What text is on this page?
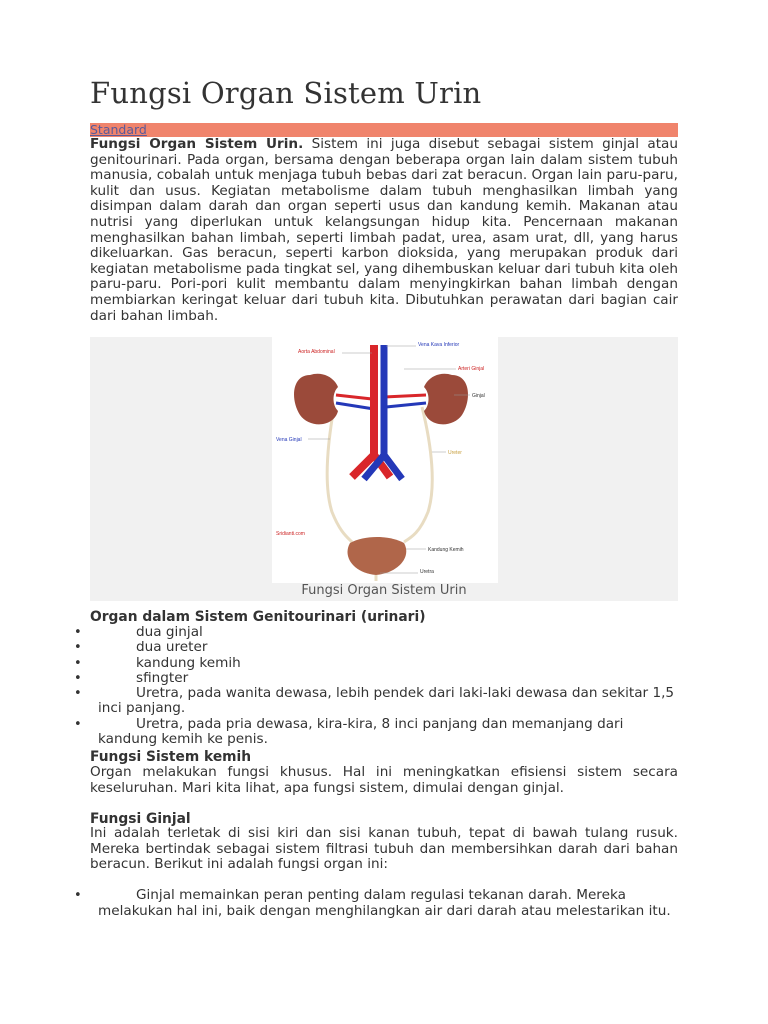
Fungsi Organ Sistem Urin
Standard
Fungsi Organ Sistem Urin. Sistem ini juga disebut sebagai sistem ginjal atau genitourinari. Pada organ, bersama dengan beberapa organ lain dalam sistem tubuh manusia, cobalah untuk menjaga tubuh bebas dari zat beracun. Organ lain paru-paru, kulit dan usus. Kegiatan metabolisme dalam tubuh menghasilkan limbah yang disimpan dalam darah dan organ seperti usus dan kandung kemih. Makanan atau nutrisi yang diperlukan untuk kelangsungan hidup kita. Pencernaan makanan menghasilkan bahan limbah, seperti limbah padat, urea, asam urat, dll, yang harus dikeluarkan. Gas beracun, seperti karbon dioksida, yang merupakan produk dari kegiatan metabolisme pada tingkat sel, yang dihembuskan keluar dari tubuh kita oleh paru-paru. Pori-pori kulit membantu dalam menyingkirkan bahan limbah dengan membiarkan keringat keluar dari tubuh kita. Dibutuhkan perawatan dari bagian cair dari bahan limbah.
Aorta Abdominal
Vena Kava Inferior
Arteri Ginjal
Ginjal
Vena Ginjal
Ureter
Sridianti.com
Kandung Kemih
Uretra
Fungsi Organ Sistem Urin
Organ dalam Sistem Genitourinari (urinari)
• dua ginjal
• dua ureter
• kandung kemih
• sfingter
• Uretra, pada wanita dewasa, lebih pendek dari laki-laki dewasa dan sekitar 1,5 inci panjang.
• Uretra, pada pria dewasa, kira-kira, 8 inci panjang dan memanjang dari kandung kemih ke penis.
Fungsi Sistem kemih
Organ melakukan fungsi khusus. Hal ini meningkatkan efisiensi sistem secara keseluruhan. Mari kita lihat, apa fungsi sistem, dimulai dengan ginjal.
Fungsi Ginjal
Ini adalah terletak di sisi kiri dan sisi kanan tubuh, tepat di bawah tulang rusuk. Mereka bertindak sebagai sistem filtrasi tubuh dan membersihkan darah dari bahan beracun. Berikut ini adalah fungsi organ ini:
• Ginjal memainkan peran penting dalam regulasi tekanan darah. Mereka melakukan hal ini, baik dengan menghilangkan air dari darah atau melestarikan itu.
